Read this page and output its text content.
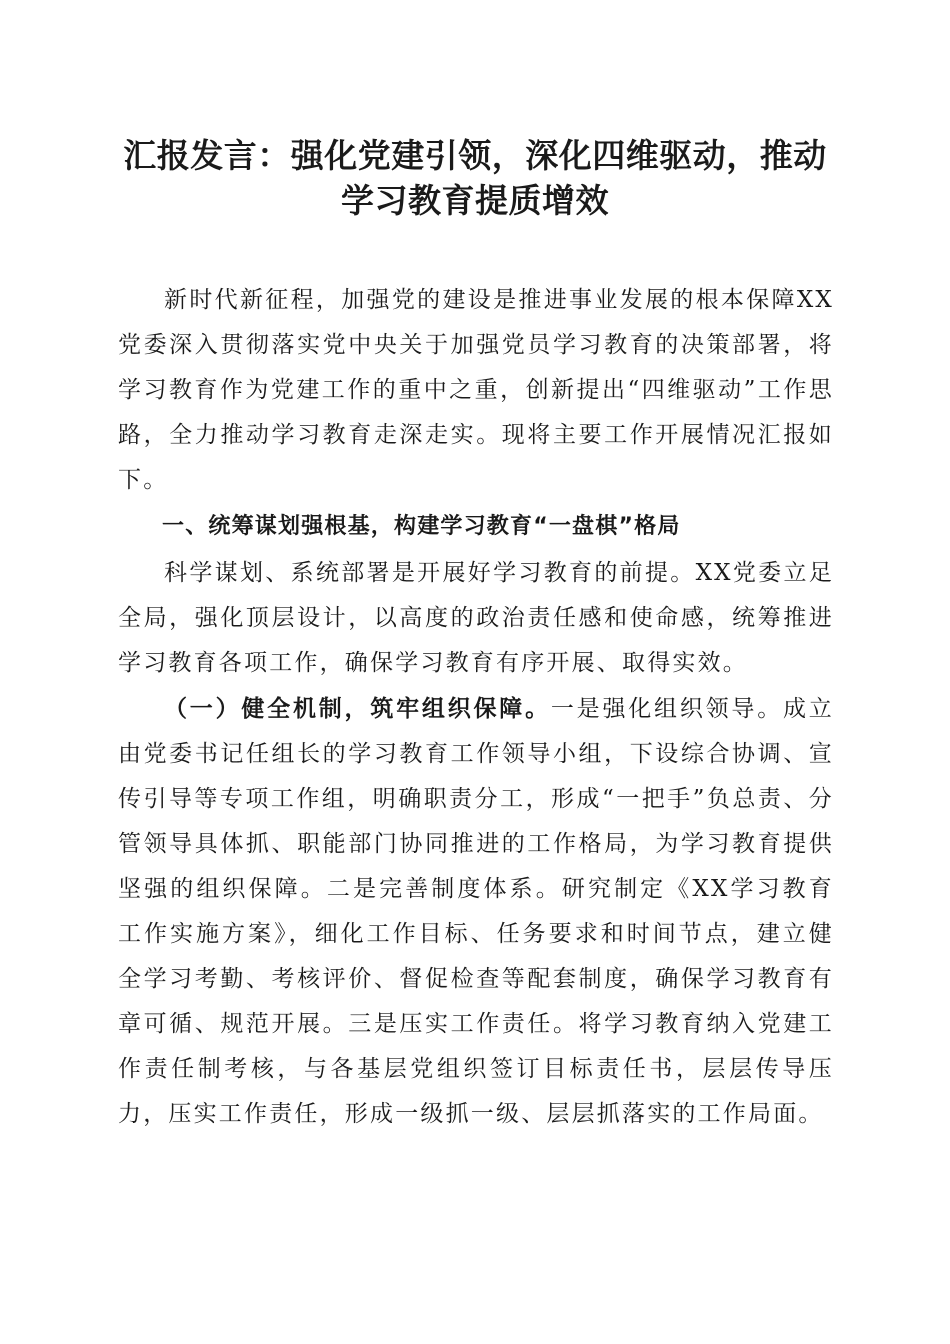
汇报发言：强化党建引领，深化四维驱动，推动学习教育提质增效

新时代新征程，加强党的建设是推进事业发展的根本保障XX党委深入贯彻落实党中央关于加强党员学习教育的决策部署，将学习教育作为党建工作的重中之重，创新提出“四维驱动”工作思路，全力推动学习教育走深走实。现将主要工作开展情况汇报如下。

一、统筹谋划强根基，构建学习教育“一盘棋”格局

科学谋划、系统部署是开展好学习教育的前提。XX党委立足全局，强化顶层设计，以高度的政治责任感和使命感，统筹推进学习教育各项工作，确保学习教育有序开展、取得实效。

（一）健全机制，筑牢组织保障。一是强化组织领导。成立由党委书记任组长的学习教育工作领导小组，下设综合协调、宣传引导等专项工作组，明确职责分工，形成“一把手”负总责、分管领导具体抓、职能部门协同推进的工作格局，为学习教育提供坚强的组织保障。二是完善制度体系。研究制定《XX学习教育工作实施方案》，细化工作目标、任务要求和时间节点，建立健全学习考勤、考核评价、督促检查等配套制度，确保学习教育有章可循、规范开展。三是压实工作责任。将学习教育纳入党建工作责任制考核，与各基层党组织签订目标责任书，层层传导压力，压实工作责任，形成一级抓一级、层层抓落实的工作局面。
